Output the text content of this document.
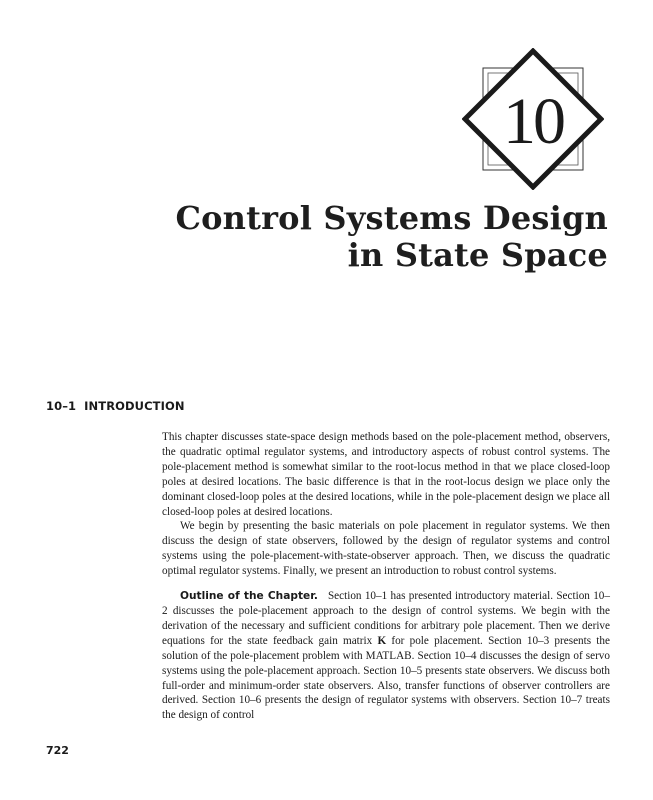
10
Control Systems Design
in State Space
10–1 INTRODUCTION

This chapter discusses state-space design methods based on the pole-placement method, observers, the quadratic optimal regulator systems, and introductory aspects of robust control systems. The pole-placement method is somewhat similar to the root-locus method in that we place closed-loop poles at desired locations. The basic difference is that in the root-locus design we place only the dominant closed-loop poles at the desired locations, while in the pole-placement design we place all closed-loop poles at desired locations.

We begin by presenting the basic materials on pole placement in regulator systems. We then discuss the design of state observers, followed by the design of regulator systems and control systems using the pole-placement-with-state-observer approach. Then, we discuss the quadratic optimal regulator systems. Finally, we present an introduction to robust control systems.

Outline of the Chapter. Section 10–1 has presented introductory material. Section 10–2 discusses the pole-placement approach to the design of control systems. We begin with the derivation of the necessary and sufficient conditions for arbitrary pole placement. Then we derive equations for the state feedback gain matrix K for pole placement. Section 10–3 presents the solution of the pole-placement problem with MATLAB. Section 10–4 discusses the design of servo systems using the pole-placement approach. Section 10–5 presents state observers. We discuss both full-order and minimum-order state observers. Also, transfer functions of observer controllers are derived. Section 10–6 presents the design of regulator systems with observers. Section 10–7 treats the design of control

722
